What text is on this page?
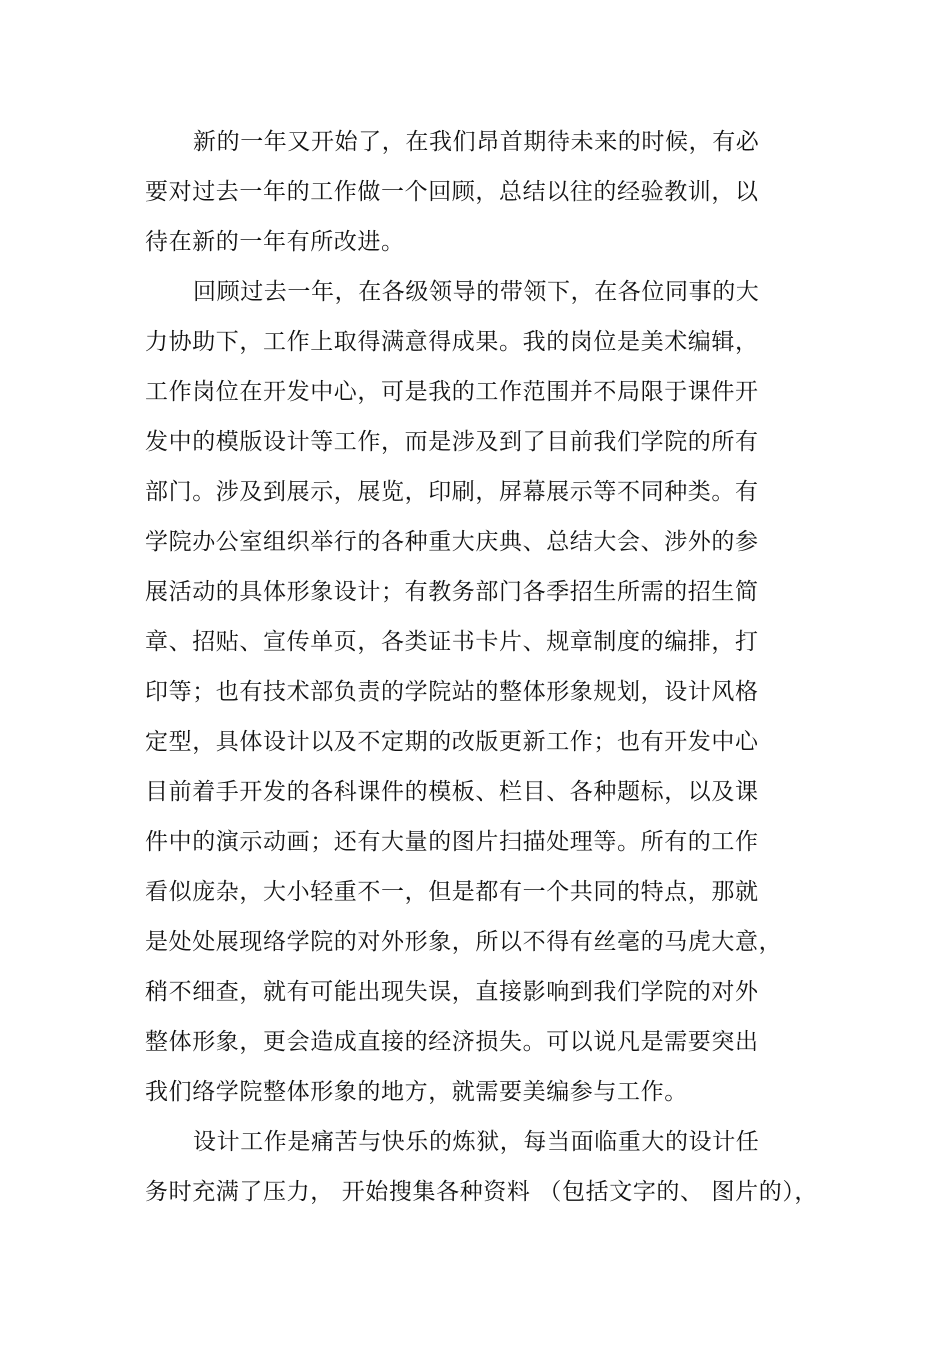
新的一年又开始了，在我们昂首期待未来的时候，有必
要对过去一年的工作做一个回顾，总结以往的经验教训，以
待在新的一年有所改进。
回顾过去一年，在各级领导的带领下，在各位同事的大
力协助下，工作上取得满意得成果。我的岗位是美术编辑，
工作岗位在开发中心，可是我的工作范围并不局限于课件开
发中的模版设计等工作，而是涉及到了目前我们学院的所有
部门。涉及到展示，展览，印刷，屏幕展示等不同种类。有
学院办公室组织举行的各种重大庆典、总结大会、涉外的参
展活动的具体形象设计；有教务部门各季招生所需的招生简
章、招贴、宣传单页，各类证书卡片、规章制度的编排，打
印等；也有技术部负责的学院站的整体形象规划，设计风格
定型，具体设计以及不定期的改版更新工作；也有开发中心
目前着手开发的各科课件的模板、栏目、各种题标，以及课
件中的演示动画；还有大量的图片扫描处理等。所有的工作
看似庞杂，大小轻重不一，但是都有一个共同的特点，那就
是处处展现络学院的对外形象，所以不得有丝毫的马虎大意，
稍不细查，就有可能出现失误，直接影响到我们学院的对外
整体形象，更会造成直接的经济损失。可以说凡是需要突出
我们络学院整体形象的地方，就需要美编参与工作。
设计工作是痛苦与快乐的炼狱，每当面临重大的设计任
务时充满了压力， 开始搜集各种资料 （包括文字的、 图片的），
